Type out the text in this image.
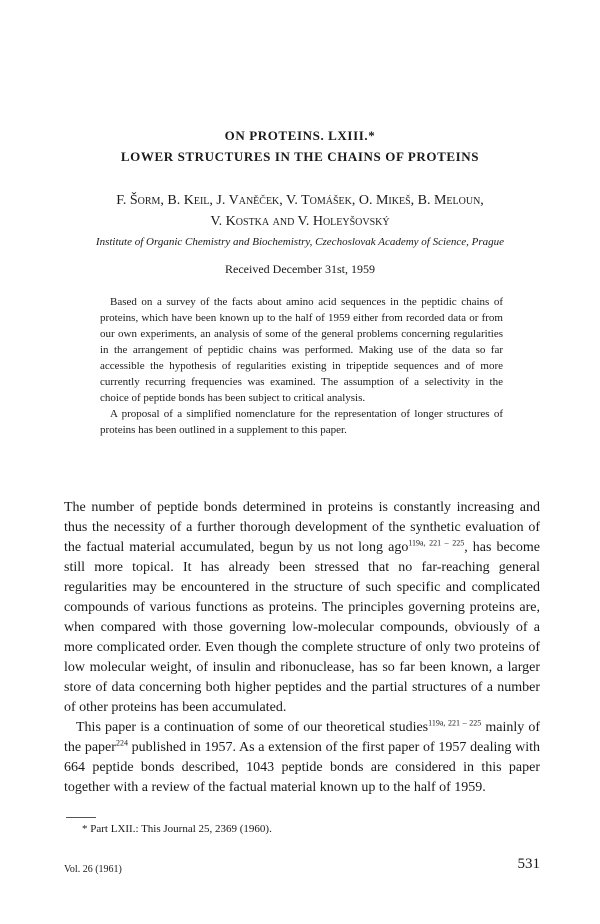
ON PROTEINS. LXIII.*
LOWER STRUCTURES IN THE CHAINS OF PROTEINS
F. Šorm, B. Keil, J. Vaněček, V. Tomášek, O. Mikeš, B. Meloun,
V. Kostka and V. Holeyšovský
Institute of Organic Chemistry and Biochemistry, Czechoslovak Academy of Science, Prague
Received December 31st, 1959

Based on a survey of the facts about amino acid sequences in the peptidic chains of proteins, which have been known up to the half of 1959 either from recorded data or from our own experiments, an analysis of some of the general problems concerning regularities in the arrangement of peptidic chains was performed. Making use of the data so far accessible the hypothesis of regularities existing in tripeptide sequences and of more currently recurring frequencies was examined. The assumption of a selectivity in the choice of peptide bonds has been subject to critical analysis.

A proposal of a simplified nomenclature for the representation of longer structures of proteins has been outlined in a supplement to this paper.

The number of peptide bonds determined in proteins is constantly increasing and thus the necessity of a further thorough development of the synthetic evaluation of the factual material accumulated, begun by us not long ago$^{119a, 221 - 225}$, has become still more topical. It has already been stressed that no far-reaching general regularities may be encountered in the structure of such specific and complicated compounds of various functions as proteins. The principles governing proteins are, when compared with those governing low-molecular compounds, obviously of a more complicated order. Even though the complete structure of only two proteins of low molecular weight, of insulin and ribonuclease, has so far been known, a larger store of data concerning both higher peptides and the partial structures of a number of other proteins has been accumulated.

This paper is a continuation of some of our theoretical studies$^{119a, 221 - 225}$ mainly of the paper$^{224}$ published in 1957. As a extension of the first paper of 1957 dealing with 664 peptide bonds described, 1043 peptide bonds are considered in this paper together with a review of the factual material known up to the half of 1959.

* Part LXII.: This Journal 25, 2369 (1960).
Vol. 26 (1961)	531
